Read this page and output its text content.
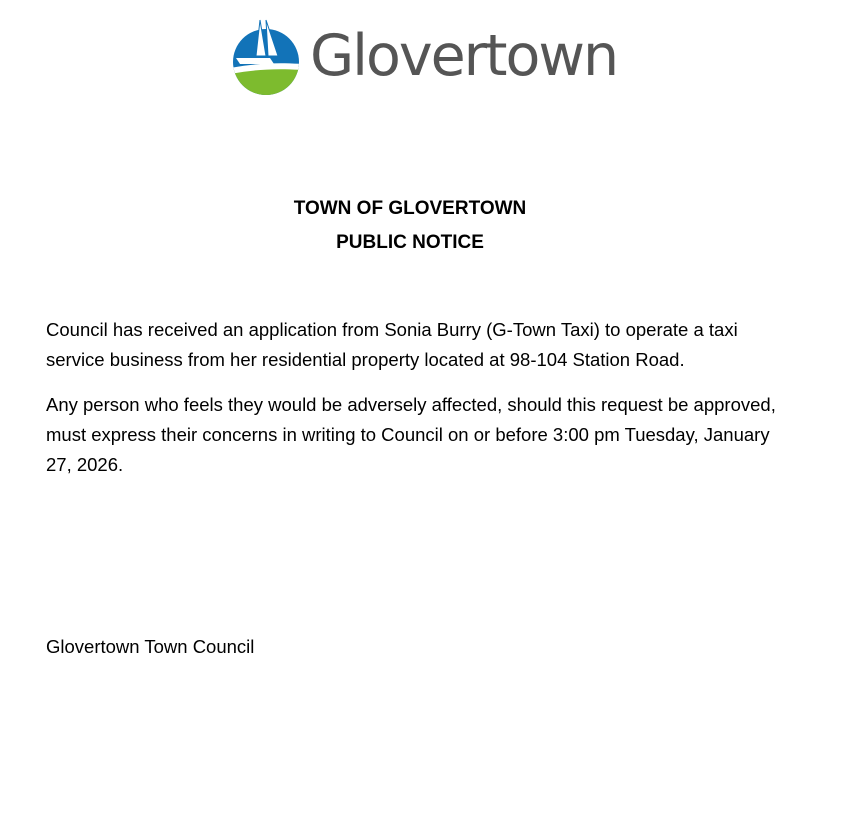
Glovertown
TOWN OF GLOVERTOWN
PUBLIC NOTICE

Council has received an application from Sonia Burry (G-Town Taxi) to operate a taxi service business from her residential property located at 98-104 Station Road.

Any person who feels they would be adversely affected, should this request be approved, must express their concerns in writing to Council on or before 3:00 pm Tuesday, January 27, 2026.

Glovertown Town Council
